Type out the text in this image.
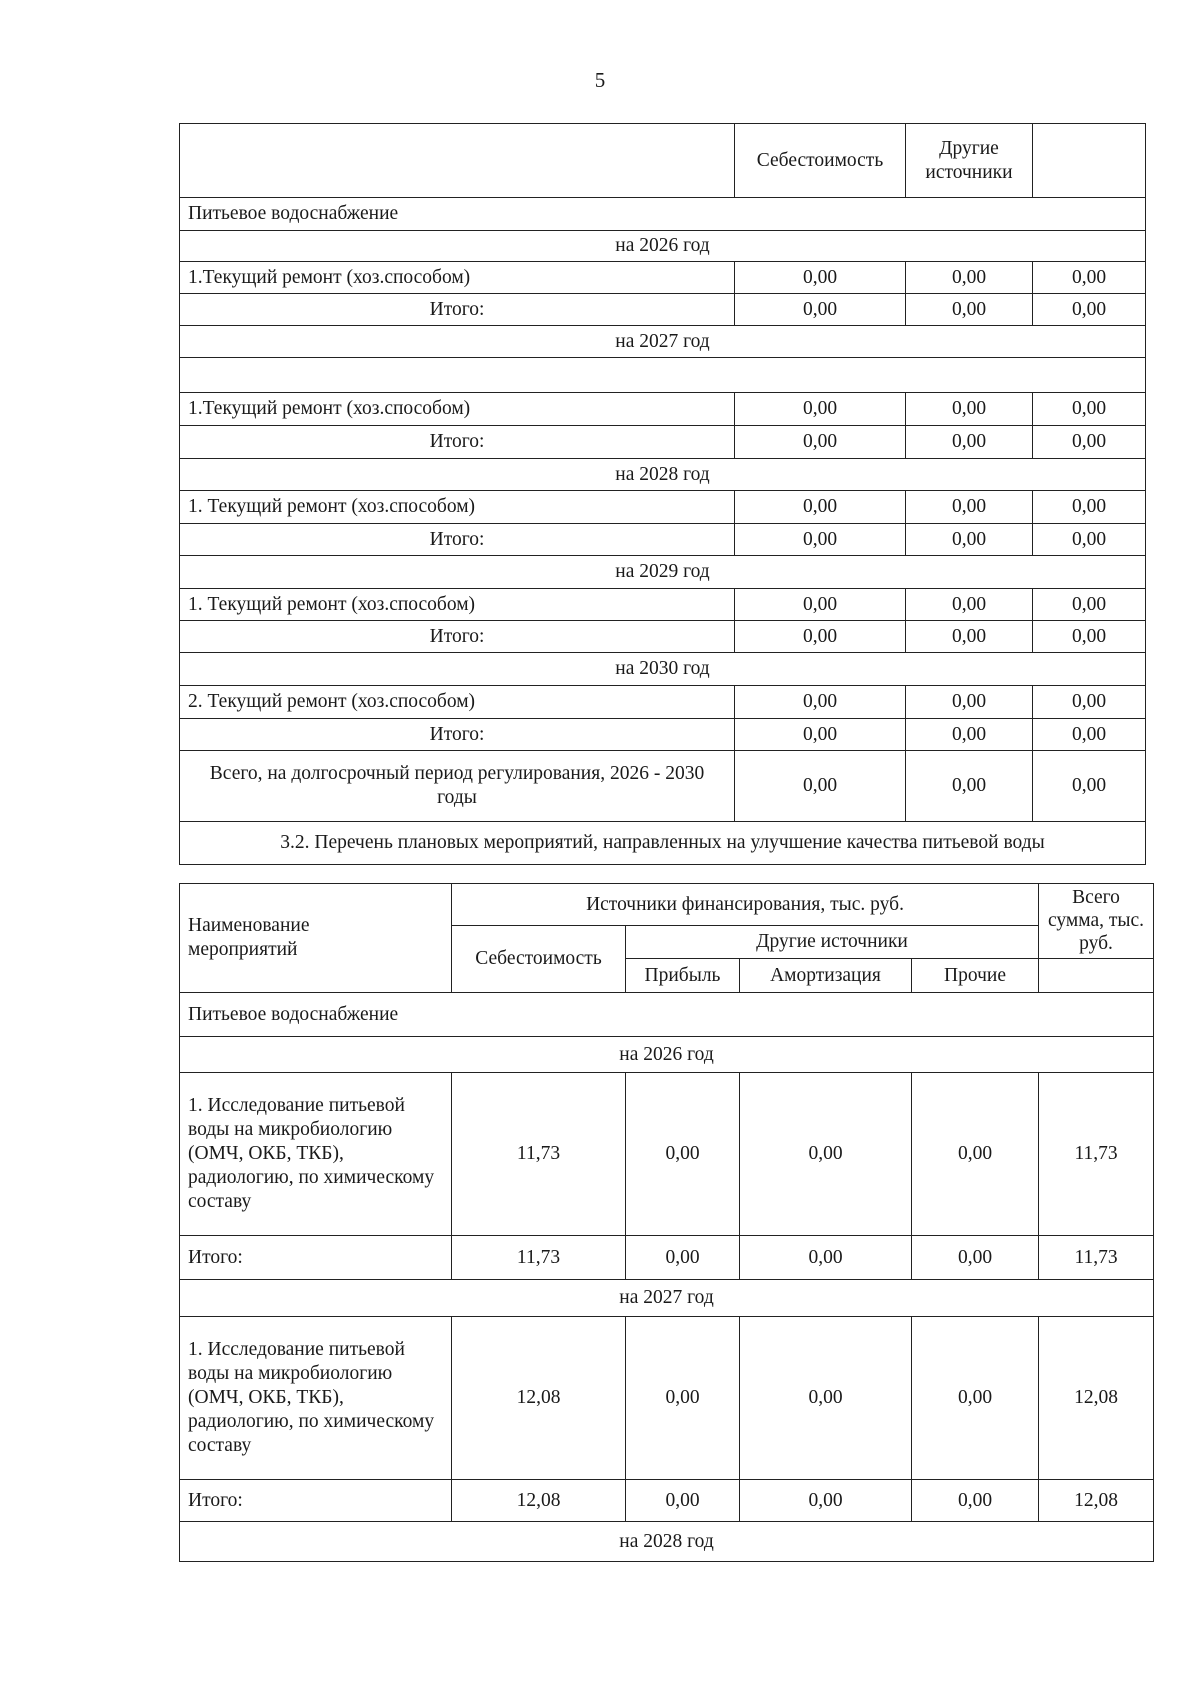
5
	Себестоимость	Другие источники	
Питьевое водоснабжение			
на 2026 год			
1.Текущий ремонт (хоз.способом)	0,00	0,00	0,00
Итого:	0,00	0,00	0,00
на 2027 год			

1.Текущий ремонт (хоз.способом)	0,00	0,00	0,00
Итого:	0,00	0,00	0,00
на 2028 год			
1. Текущий ремонт (хоз.способом)	0,00	0,00	0,00
Итого:	0,00	0,00	0,00
на 2029 год			
1. Текущий ремонт (хоз.способом)	0,00	0,00	0,00
Итого:	0,00	0,00	0,00
на 2030 год			
2. Текущий ремонт (хоз.способом)	0,00	0,00	0,00
Итого:	0,00	0,00	0,00
Всего, на долгосрочный период регулирования, 2026 - 2030 годы	0,00	0,00	0,00
3.2. Перечень плановых мероприятий, направленных на улучшение качества питьевой воды			
Наименование мероприятий	Источники финансирования, тыс. руб.				Всего сумма, тыс. руб.
	Себестоимость	Другие источники			
		Прибыль	Амортизация	Прочие	
Питьевое водоснабжение					
на 2026 год					
1. Исследование питьевой воды на микробиологию (ОМЧ, ОКБ, ТКБ), радиологию, по химическому составу	11,73	0,00	0,00	0,00	11,73
Итого:	11,73	0,00	0,00	0,00	11,73
на 2027 год					
1. Исследование питьевой воды на микробиологию (ОМЧ, ОКБ, ТКБ), радиологию, по химическому составу	12,08	0,00	0,00	0,00	12,08
Итого:	12,08	0,00	0,00	0,00	12,08
на 2028 год					
